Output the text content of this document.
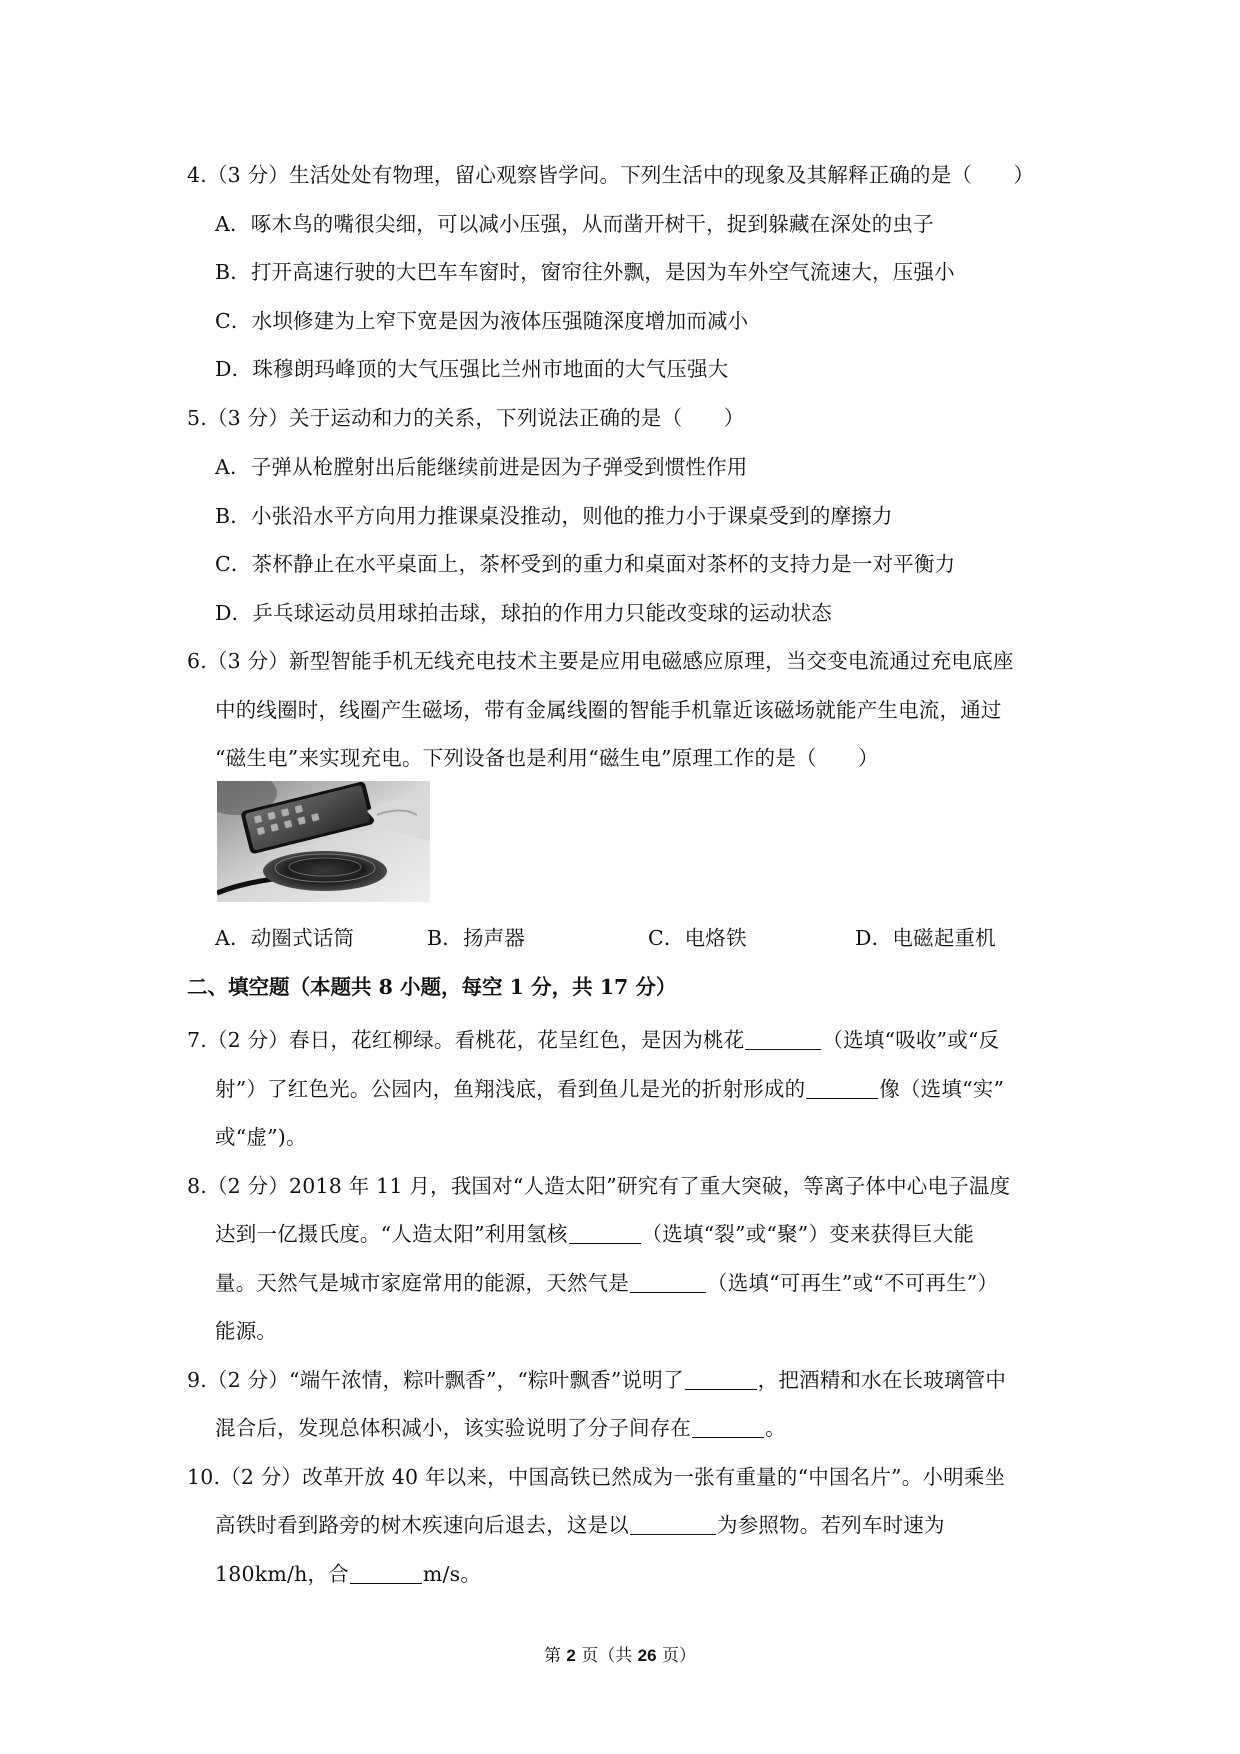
4.（3 分）生活处处有物理，留心观察皆学问。下列生活中的现象及其解释正确的是（　　）
A．啄木鸟的嘴很尖细，可以减小压强，从而凿开树干，捉到躲藏在深处的虫子
B．打开高速行驶的大巴车车窗时，窗帘往外飘，是因为车外空气流速大，压强小
C．水坝修建为上窄下宽是因为液体压强随深度增加而减小
D．珠穆朗玛峰顶的大气压强比兰州市地面的大气压强大
5.（3 分）关于运动和力的关系，下列说法正确的是（　　）
A．子弹从枪膛射出后能继续前进是因为子弹受到惯性作用
B．小张沿水平方向用力推课桌没推动，则他的推力小于课桌受到的摩擦力
C．茶杯静止在水平桌面上，茶杯受到的重力和桌面对茶杯的支持力是一对平衡力
D．乒乓球运动员用球拍击球，球拍的作用力只能改变球的运动状态
6.（3 分）新型智能手机无线充电技术主要是应用电磁感应原理，当交变电流通过充电底座
中的线圈时，线圈产生磁场，带有金属线圈的智能手机靠近该磁场就能产生电流，通过
“磁生电”来实现充电。下列设备也是利用“磁生电”原理工作的是（　　）
A．动圈式话筒	B．扬声器	C．电烙铁	D．电磁起重机
二、填空题（本题共 8 小题，每空 1 分，共 17 分）
7.（2 分）春日，花红柳绿。看桃花，花呈红色，是因为桃花	（选填“吸收”或“反
射”）了红色光。公园内，鱼翔浅底，看到鱼儿是光的折射形成的	像（选填“实”
或“虚”)。
8.（2 分）2018 年 11 月，我国对“人造太阳”研究有了重大突破，等离子体中心电子温度
达到一亿摄氏度。“人造太阳”利用氢核	（选填“裂”或“聚”）变来获得巨大能
量。天然气是城市家庭常用的能源，天然气是	（选填“可再生”或“不可再生”）
能源。
9.（2 分）“端午浓情，粽叶飘香”，“粽叶飘香”说明了	，把酒精和水在长玻璃管中
混合后，发现总体积减小，该实验说明了分子间存在	。
10.（2 分）改革开放 40 年以来，中国高铁已然成为一张有重量的“中国名片”。小明乘坐
高铁时看到路旁的树木疾速向后退去，这是以	为参照物。若列车时速为
180km/h，合	m/s。
第 2 页（共 26 页）
